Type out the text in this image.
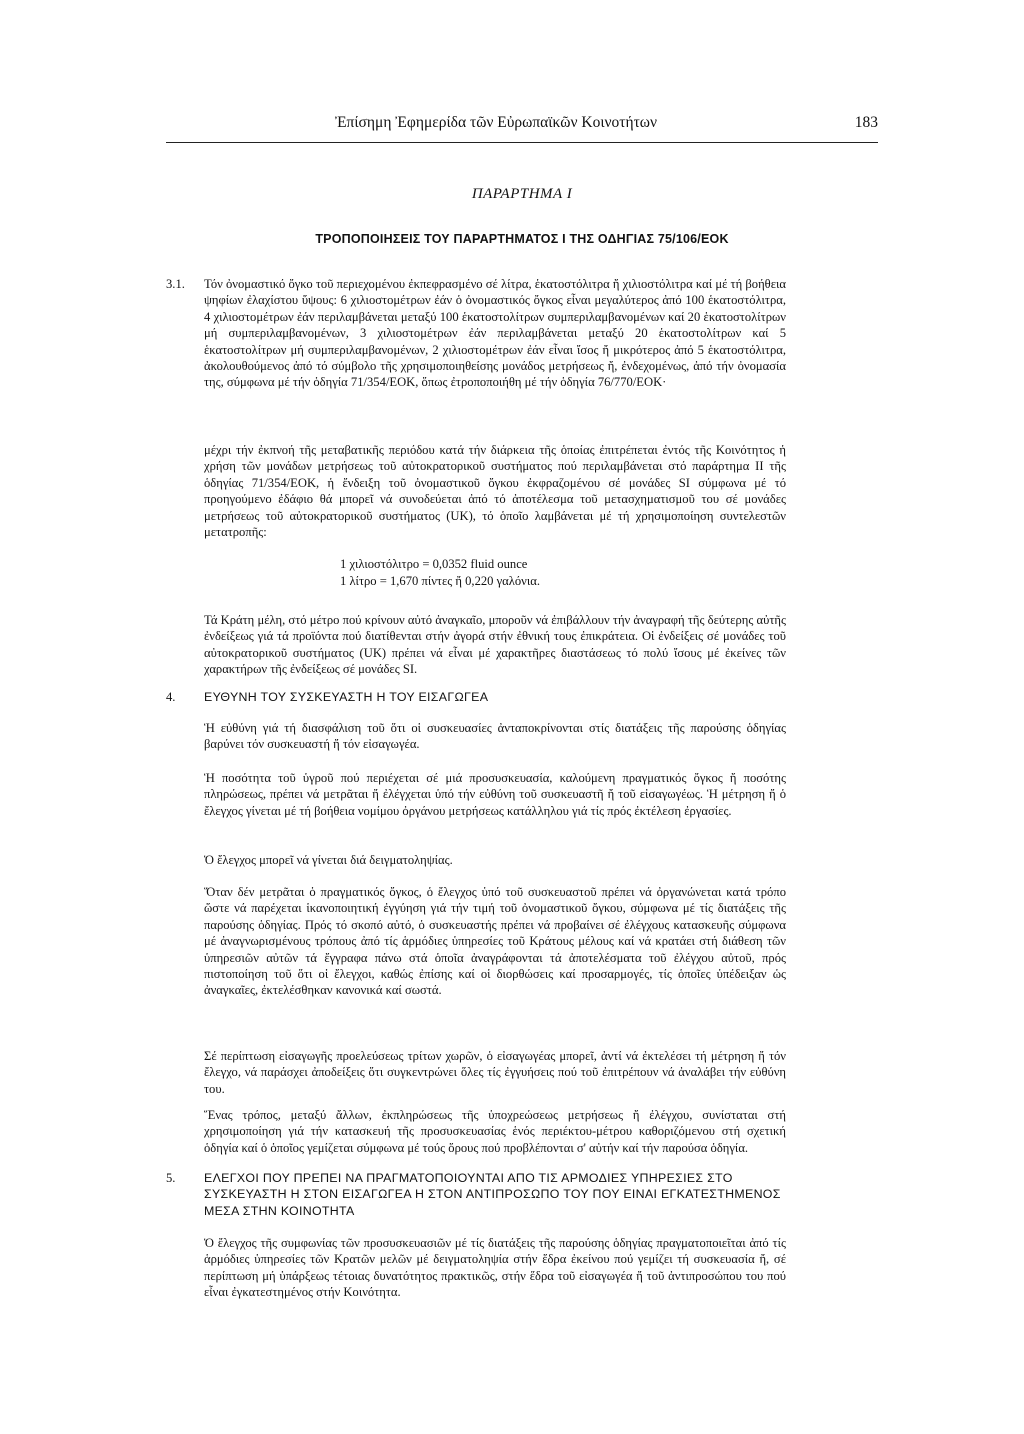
Ἐπίσημη Ἐφημερίδα τῶν Εὐρωπαϊκῶν Κοινοτήτων	183
ΠΑΡΑΡΤΗΜΑ I
ΤΡΟΠΟΠΟΙΗΣΕΙΣ ΤΟΥ ΠΑΡΑΡΤΗΜΑΤΟΣ I ΤΗΣ ΟΔΗΓΙΑΣ 75/106/ΕΟΚ
3.1. Τόν ὀνομαστικό ὄγκο τοῦ περιεχομένου ἐκπεφρασμένο σέ λίτρα, ἑκατοστόλιτρα ἤ χιλιοστόλιτρα καί μέ τή βοήθεια ψηφίων ἐλαχίστου ὕψους: 6 χιλιοστομέτρων ἐάν ὁ ὀνομαστικός ὄγκος εἶναι μεγαλύτερος ἀπό 100 ἑκατοστόλιτρα, 4 χιλιοστομέτρων ἐάν περιλαμβάνεται μεταξύ 100 ἑκατοστολίτρων συμπεριλαμβανομένων καί 20 ἑκατοστολίτρων μή συμπεριλαμβανομένων, 3 χιλιοστομέτρων ἐάν περιλαμβάνεται μεταξύ 20 ἑκατοστολίτρων καί 5 ἑκατοστολίτρων μή συμπεριλαμβανομένων, 2 χιλιοστομέτρων ἐάν εἶναι ἴσος ἤ μικρότερος ἀπό 5 ἑκατοστόλιτρα, ἀκολουθούμενος ἀπό τό σύμβολο τῆς χρησιμοποιηθείσης μονάδος μετρήσεως ἤ, ἐνδεχομένως, ἀπό τήν ὀνομασία της, σύμφωνα μέ τήν ὁδηγία 71/354/ΕΟΚ, ὅπως ἐτροποποιήθη μέ τήν ὁδηγία 76/770/ΕΟΚ·
μέχρι τήν ἐκπνοή τῆς μεταβατικῆς περιόδου κατά τήν διάρκεια τῆς ὁποίας ἐπιτρέπεται ἐντός τῆς Κοινότητος ἡ χρήση τῶν μονάδων μετρήσεως τοῦ αὐτοκρατορικοῦ συστήματος πού περιλαμβάνεται στό παράρτημα ΙΙ τῆς ὁδηγίας 71/354/ΕΟΚ, ἡ ἔνδειξη τοῦ ὀνομαστικοῦ ὄγκου ἐκφραζομένου σέ μονάδες SI σύμφωνα μέ τό προηγούμενο ἐδάφιο θά μπορεῖ νά συνοδεύεται ἀπό τό ἀποτέλεσμα τοῦ μετασχηματισμοῦ του σέ μονάδες μετρήσεως τοῦ αὐτοκρατορικοῦ συστήματος (UK), τό ὁποῖο λαμβάνεται μέ τή χρησιμοποίηση συντελεστῶν μετατροπῆς:
1 χιλιοστόλιτρο = 0,0352 fluid ounce
1 λίτρο = 1,670 πίντες ἤ 0,220 γαλόνια.
Τά Κράτη μέλη, στό μέτρο πού κρίνουν αὐτό ἀναγκαῖο, μποροῦν νά ἐπιβάλλουν τήν ἀναγραφή τῆς δεύτερης αὐτῆς ἐνδείξεως γιά τά προϊόντα πού διατίθενται στήν ἀγορά στήν ἐθνική τους ἐπικράτεια. Οἱ ἐνδείξεις σέ μονάδες τοῦ αὐτοκρατορικοῦ συστήματος (UK) πρέπει νά εἶναι μέ χαρακτῆρες διαστάσεως τό πολύ ἴσους μέ ἐκείνες τῶν χαρακτήρων τῆς ἐνδείξεως σέ μονάδες SI.
4. ΕΥΘΥΝΗ ΤΟΥ ΣΥΣΚΕΥΑΣΤΗ Η ΤΟΥ ΕΙΣΑΓΩΓΕΑ
Ἡ εὐθύνη γιά τή διασφάλιση τοῦ ὅτι οἱ συσκευασίες ἀνταποκρίνονται στίς διατάξεις τῆς παρούσης ὁδηγίας βαρύνει τόν συσκευαστή ἤ τόν εἰσαγωγέα.
Ἡ ποσότητα τοῦ ὑγροῦ πού περιέχεται σέ μιά προσυσκευασία, καλούμενη πραγματικός ὄγκος ἤ ποσότης πληρώσεως, πρέπει νά μετρᾶται ἤ ἐλέγχεται ὑπό τήν εὐθύνη τοῦ συσκευαστῆ ἤ τοῦ εἰσαγωγέως. Ἡ μέτρηση ἤ ὁ ἔλεγχος γίνεται μέ τή βοήθεια νομίμου ὀργάνου μετρήσεως κατάλληλου γιά τίς πρός ἐκτέλεση ἐργασίες.
Ὁ ἔλεγχος μπορεῖ νά γίνεται διά δειγματοληψίας.
Ὅταν δέν μετρᾶται ὁ πραγματικός ὄγκος, ὁ ἔλεγχος ὑπό τοῦ συσκευαστοῦ πρέπει νά ὀργανώνεται κατά τρόπο ὥστε νά παρέχεται ἱκανοποιητική ἐγγύηση γιά τήν τιμή τοῦ ὀνομαστικοῦ ὄγκου, σύμφωνα μέ τίς διατάξεις τῆς παρούσης ὁδηγίας. Πρός τό σκοπό αὐτό, ὁ συσκευαστής πρέπει νά προβαίνει σέ ἐλέγχους κατασκευῆς σύμφωνα μέ ἀναγνωρισμένους τρόπους ἀπό τίς ἁρμόδιες ὑπηρεσίες τοῦ Κράτους μέλους καί νά κρατάει στή διάθεση τῶν ὑπηρεσιῶν αὐτῶν τά ἔγγραφα πάνω στά ὁποῖα ἀναγράφονται τά ἀποτελέσματα τοῦ ἐλέγχου αὐτοῦ, πρός πιστοποίηση τοῦ ὅτι οἱ ἔλεγχοι, καθώς ἐπίσης καί οἱ διορθώσεις καί προσαρμογές, τίς ὁποῖες ὑπέδειξαν ὡς ἀναγκαῖες, ἐκτελέσθηκαν κανονικά καί σωστά.
Σέ περίπτωση εἰσαγωγῆς προελεύσεως τρίτων χωρῶν, ὁ εἰσαγωγέας μπορεῖ, ἀντί νά ἐκτελέσει τή μέτρηση ἤ τόν ἔλεγχο, νά παράσχει ἀποδείξεις ὅτι συγκεντρώνει ὅλες τίς ἐγγυήσεις πού τοῦ ἐπιτρέπουν νά ἀναλάβει τήν εὐθύνη του.
Ἕνας τρόπος, μεταξύ ἄλλων, ἐκπληρώσεως τῆς ὑποχρεώσεως μετρήσεως ἤ ἐλέγχου, συνίσταται στή χρησιμοποίηση γιά τήν κατασκευή τῆς προσυσκευασίας ἑνός περιέκτου-μέτρου καθοριζόμενου στή σχετική ὁδηγία καί ὁ ὁποῖος γεμίζεται σύμφωνα μέ τούς ὅρους πού προβλέπονται σ' αὐτήν καί τήν παρούσα ὁδηγία.
5. ΕΛΕΓΧΟΙ ΠΟΥ ΠΡΕΠΕΙ ΝΑ ΠΡΑΓΜΑΤΟΠΟΙΟΥΝΤΑΙ ΑΠΟ ΤΙΣ ΑΡΜΟΔΙΕΣ ΥΠΗΡΕΣΙΕΣ ΣΤΟ ΣΥΣΚΕΥΑΣΤΗ Η ΣΤΟΝ ΕΙΣΑΓΩΓΕΑ Η ΣΤΟΝ ΑΝΤΙΠΡΟΣΩΠΟ ΤΟΥ ΠΟΥ ΕΙΝΑΙ ΕΓΚΑΤΕΣΤΗΜΕΝΟΣ ΜΕΣΑ ΣΤΗΝ ΚΟΙΝΟΤΗΤΑ
Ὁ ἔλεγχος τῆς συμφωνίας τῶν προσυσκευασιῶν μέ τίς διατάξεις τῆς παρούσης ὁδηγίας πραγματοποιεῖται ἀπό τίς ἁρμόδιες ὑπηρεσίες τῶν Κρατῶν μελῶν μέ δειγματοληψία στήν ἕδρα ἐκείνου πού γεμίζει τή συσκευασία ἤ, σέ περίπτωση μή ὑπάρξεως τέτοιας δυνατότητος πρακτικῶς, στήν ἕδρα τοῦ εἰσαγωγέα ἤ τοῦ ἀντιπροσώπου του πού εἶναι ἐγκατεστημένος στήν Κοινότητα.
